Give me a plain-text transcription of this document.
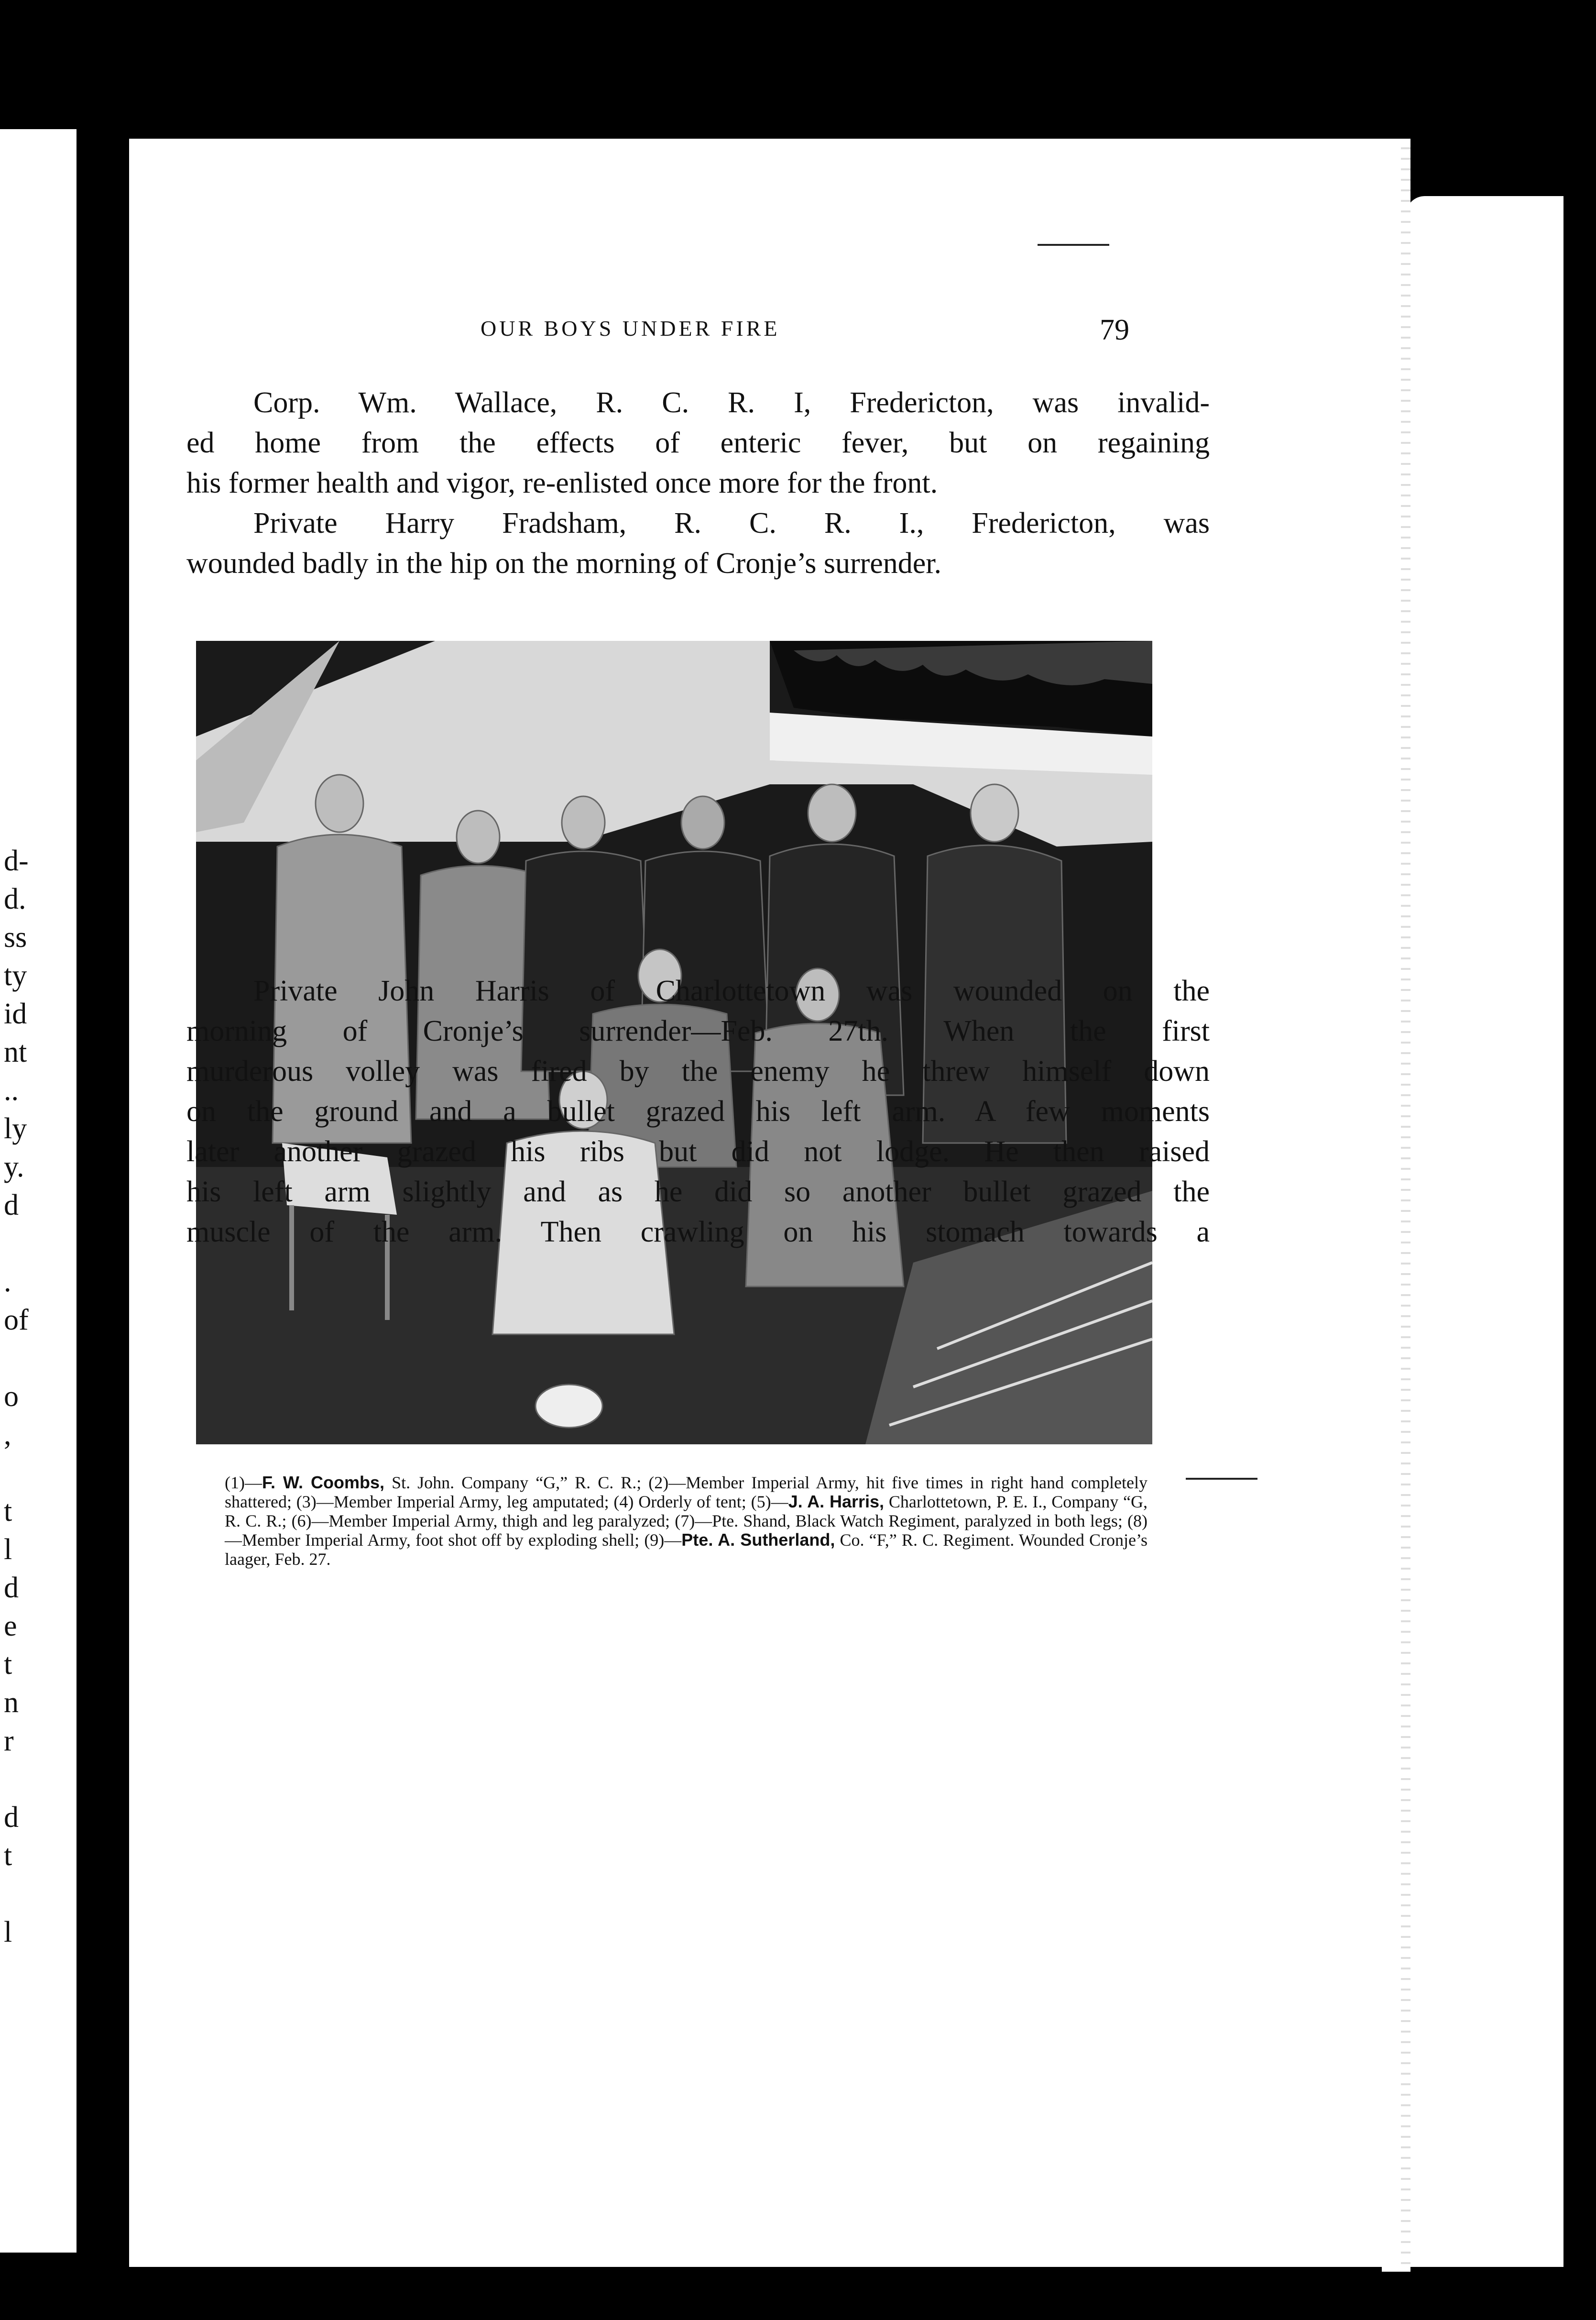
d-
d.
ss
ty
id
nt
..
ly
y.
d
.
of
o
,
t
l
d
e
t
n
r
d
t
l
OUR BOYS UNDER FIRE	79
Corp. Wm. Wallace, R. C. R. I, Fredericton, was invalid-
ed home from the effects of enteric fever, but on regaining
his former health and vigor, re-enlisted once more for the front.
Private Harry Fradsham, R. C. R. I., Fredericton, was
wounded badly in the hip on the morning of Cronje’s surrender.
(1)—F. W. Coombs, St. John. Company “G,” R. C. R.; (2)—Member Imperial Army, hit five times in right hand completely shattered; (3)—Member Imperial Army, leg amputated; (4) Orderly of tent; (5)—J. A. Harris, Charlottetown, P. E. I., Company “G, R. C. R.; (6)—Member Imperial Army, thigh and leg paralyzed; (7)—Pte. Shand, Black Watch Regiment, paralyzed in both legs; (8)—Member Imperial Army, foot shot off by exploding shell; (9)—Pte. A. Sutherland, Co. “F,” R. C. Regiment. Wounded Cronje’s laager, Feb. 27.
Private John Harris of Charlottetown was wounded on the
morning of Cronje’s surrender—Feb. 27th. When the first
murderous volley was fired by the enemy he threw himself down
on the ground and a bullet grazed his left arm. A few moments
later another grazed his ribs but did not lodge. He then raised
his left arm slightly and as he did so another bullet grazed the
muscle of the arm. Then crawling on his stomach towards a
